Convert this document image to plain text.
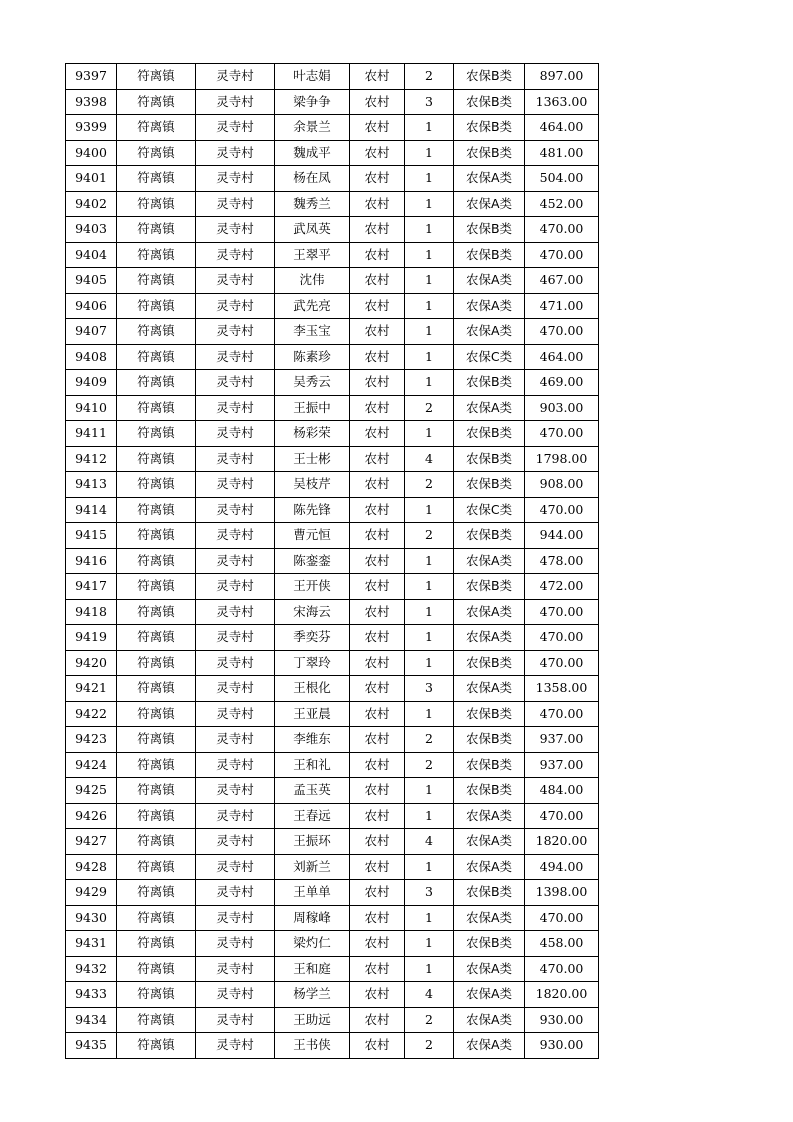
9397	符离镇	灵寺村	叶志娟	农村	2	农保B类	897.00
9398	符离镇	灵寺村	梁争争	农村	3	农保B类	1363.00
9399	符离镇	灵寺村	余景兰	农村	1	农保B类	464.00
9400	符离镇	灵寺村	魏成平	农村	1	农保B类	481.00
9401	符离镇	灵寺村	杨在凤	农村	1	农保A类	504.00
9402	符离镇	灵寺村	魏秀兰	农村	1	农保A类	452.00
9403	符离镇	灵寺村	武凤英	农村	1	农保B类	470.00
9404	符离镇	灵寺村	王翠平	农村	1	农保B类	470.00
9405	符离镇	灵寺村	沈伟	农村	1	农保A类	467.00
9406	符离镇	灵寺村	武先亮	农村	1	农保A类	471.00
9407	符离镇	灵寺村	李玉宝	农村	1	农保A类	470.00
9408	符离镇	灵寺村	陈素珍	农村	1	农保C类	464.00
9409	符离镇	灵寺村	吴秀云	农村	1	农保B类	469.00
9410	符离镇	灵寺村	王振中	农村	2	农保A类	903.00
9411	符离镇	灵寺村	杨彩荣	农村	1	农保B类	470.00
9412	符离镇	灵寺村	王士彬	农村	4	农保B类	1798.00
9413	符离镇	灵寺村	吴枝芹	农村	2	农保B类	908.00
9414	符离镇	灵寺村	陈先锋	农村	1	农保C类	470.00
9415	符离镇	灵寺村	曹元恒	农村	2	农保B类	944.00
9416	符离镇	灵寺村	陈銮銮	农村	1	农保A类	478.00
9417	符离镇	灵寺村	王开侠	农村	1	农保B类	472.00
9418	符离镇	灵寺村	宋海云	农村	1	农保A类	470.00
9419	符离镇	灵寺村	季奕芬	农村	1	农保A类	470.00
9420	符离镇	灵寺村	丁翠玲	农村	1	农保B类	470.00
9421	符离镇	灵寺村	王根化	农村	3	农保A类	1358.00
9422	符离镇	灵寺村	王亚晨	农村	1	农保B类	470.00
9423	符离镇	灵寺村	李维东	农村	2	农保B类	937.00
9424	符离镇	灵寺村	王和礼	农村	2	农保B类	937.00
9425	符离镇	灵寺村	孟玉英	农村	1	农保B类	484.00
9426	符离镇	灵寺村	王春远	农村	1	农保A类	470.00
9427	符离镇	灵寺村	王振环	农村	4	农保A类	1820.00
9428	符离镇	灵寺村	刘新兰	农村	1	农保A类	494.00
9429	符离镇	灵寺村	王单单	农村	3	农保B类	1398.00
9430	符离镇	灵寺村	周稼峰	农村	1	农保A类	470.00
9431	符离镇	灵寺村	梁灼仁	农村	1	农保B类	458.00
9432	符离镇	灵寺村	王和庭	农村	1	农保A类	470.00
9433	符离镇	灵寺村	杨学兰	农村	4	农保A类	1820.00
9434	符离镇	灵寺村	王助远	农村	2	农保A类	930.00
9435	符离镇	灵寺村	王书侠	农村	2	农保A类	930.00
